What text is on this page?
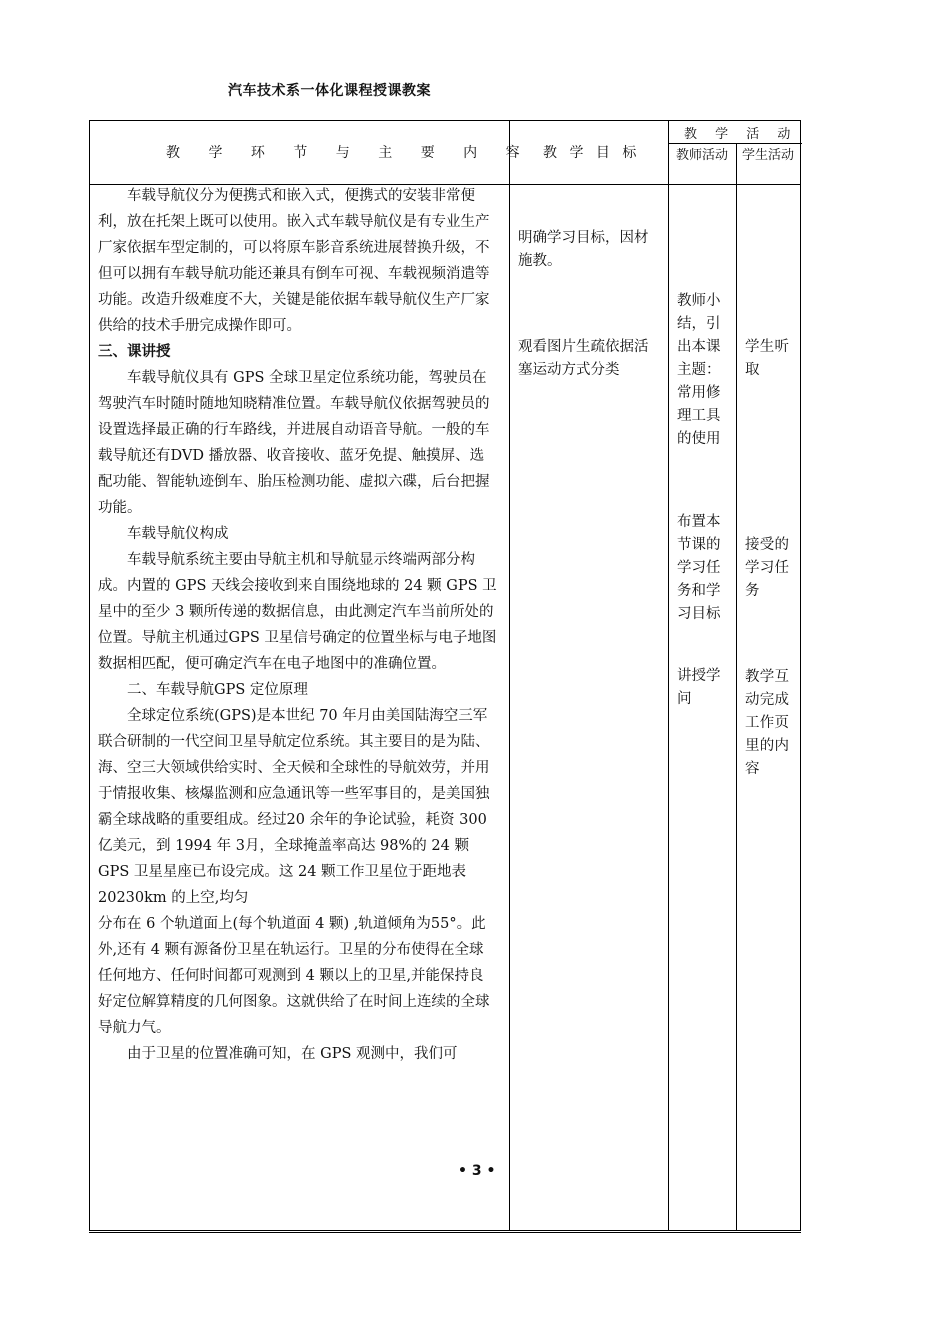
汽车技术系一体化课程授课教案
教 学 环 节 与 主 要 内 容 教 学 目 标
教 学 活 动
教师活动 学生活动

车载导航仪分为便携式和嵌入式，便携式的安装非常便利，放在托架上既可以使用。嵌入式车载导航仪是有专业生产厂家依据车型定制的，可以将原车影音系统进展替换升级，不但可以拥有车载导航功能还兼具有倒车可视、车载视频消遣等功能。改造升级难度不大，关键是能依据车载导航仪生产厂家供给的技术手册完成操作即可。

三、课讲授

车载导航仪具有 GPS 全球卫星定位系统功能，驾驶员在驾驶汽车时随时随地知晓精准位置。车载导航仪依据驾驶员的设置选择最正确的行车路线，并进展自动语音导航。一般的车载导航还有DVD 播放器、收音接收、蓝牙免提、触摸屏、选配功能、智能轨迹倒车、胎压检测功能、虚拟六碟，后台把握功能。

车载导航仪构成

车载导航系统主要由导航主机和导航显示终端两部分构成。内置的 GPS 天线会接收到来自围绕地球的 24 颗 GPS 卫星中的至少 3 颗所传递的数据信息，由此测定汽车当前所处的位置。导航主机通过GPS 卫星信号确定的位置坐标与电子地图数据相匹配，便可确定汽车在电子地图中的准确位置。

二、车载导航GPS 定位原理

全球定位系统(GPS)是本世纪 70 年月由美国陆海空三军联合研制的一代空间卫星导航定位系统。其主要目的是为陆、海、空三大领域供给实时、全天候和全球性的导航效劳，并用于情报收集、核爆监测和应急通讯等一些军事目的，是美国独霸全球战略的重要组成。经过20 余年的争论试验，耗资 300 亿美元，到 1994 年 3月，全球掩盖率高达 98%的 24 颗 GPS 卫星星座已布设完成。这 24 颗工作卫星位于距地表 20230km 的上空,均匀

分布在 6 个轨道面上(每个轨道面 4 颗) ,轨道倾角为55°。此外,还有 4 颗有源备份卫星在轨运行。卫星的分布使得在全球任何地方、任何时间都可观测到 4 颗以上的卫星,并能保持良好定位解算精度的几何图象。这就供给了在时间上连续的全球导航力气。

由于卫星的位置准确可知，在 GPS 观测中，我们可

明确学习目标，因材施教。
观看图片生疏依据活塞运动方式分类
教师小结，引出本课主题：常用修理工具的使用
布置本节课的学习任务和学习目标
讲授学问
学生听取
接受的学习任务
教学互动完成工作页里的内容
• 3 •
